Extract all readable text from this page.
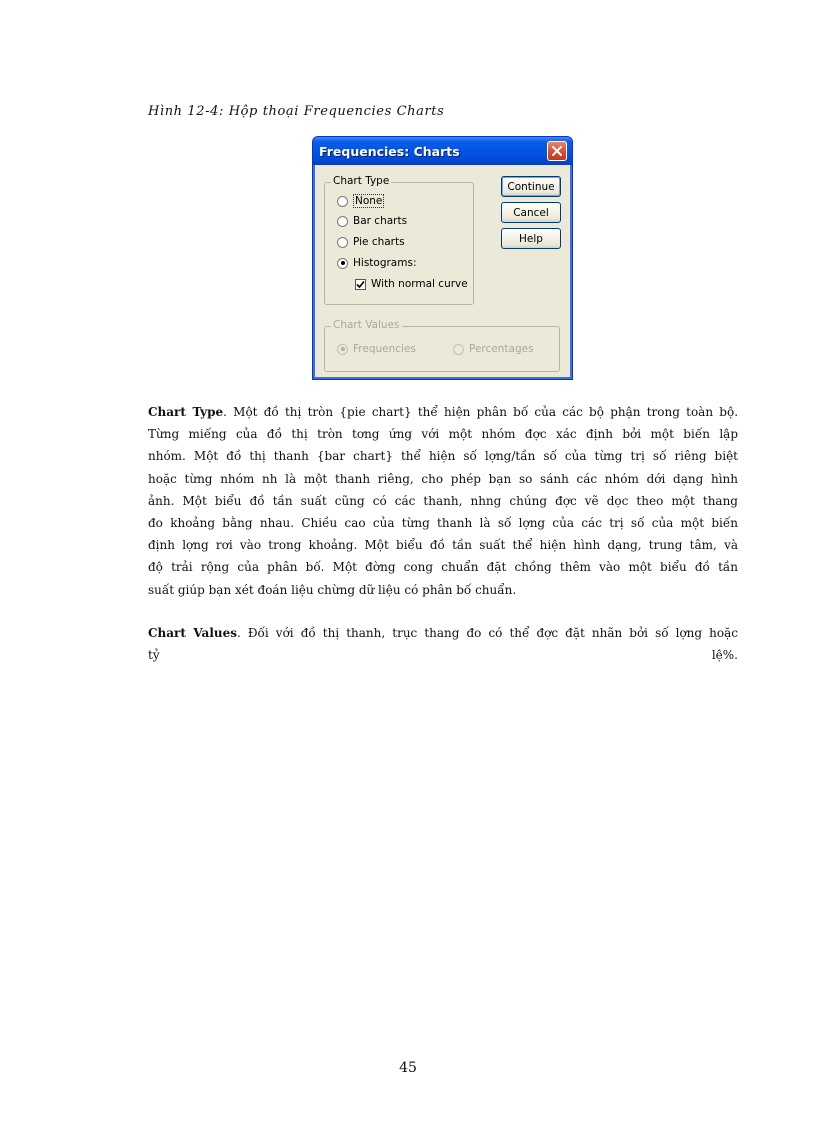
Hình 12-4: Hộp thoại Frequencies Charts
Frequencies: Charts
Chart Type
None
Bar charts
Pie charts
Histograms:
With normal curve
Chart Values
Frequencies	Percentages
Continue
Cancel
Help
Chart Type. Một đồ thị tròn {pie chart} thể hiện phân bố của các bộ phận trong toàn bộ.
Từng miếng của đồ thị tròn tơng ứng với một nhóm đợc xác định bởi một biến lập
nhóm. Một đồ thị thanh {bar chart} thể hiện số lợng/tần số của từng trị số riêng biệt
hoặc từng nhóm nh là một thanh riêng, cho phép bạn so sánh các nhóm dới dạng hình
ảnh. Một biểu đồ tần suất cũng có các thanh, nhng chúng đợc vẽ dọc theo một thang
đo khoảng bằng nhau. Chiều cao của từng thanh là số lợng của các trị số của một biến
định lợng rơi vào trong khoảng. Một biểu đồ tần suất thể hiện hình dạng, trung tâm, và
độ trải rộng của phân bố. Một đờng cong chuẩn đặt chồng thêm vào một biểu đồ tần
suất giúp bạn xét đoán liệu chừng dữ liệu có phân bố chuẩn.
Chart Values. Đối với đồ thị thanh, trục thang đo có thể đợc đặt nhãn bởi số lợng hoặc
tỷ	lệ%.
45
